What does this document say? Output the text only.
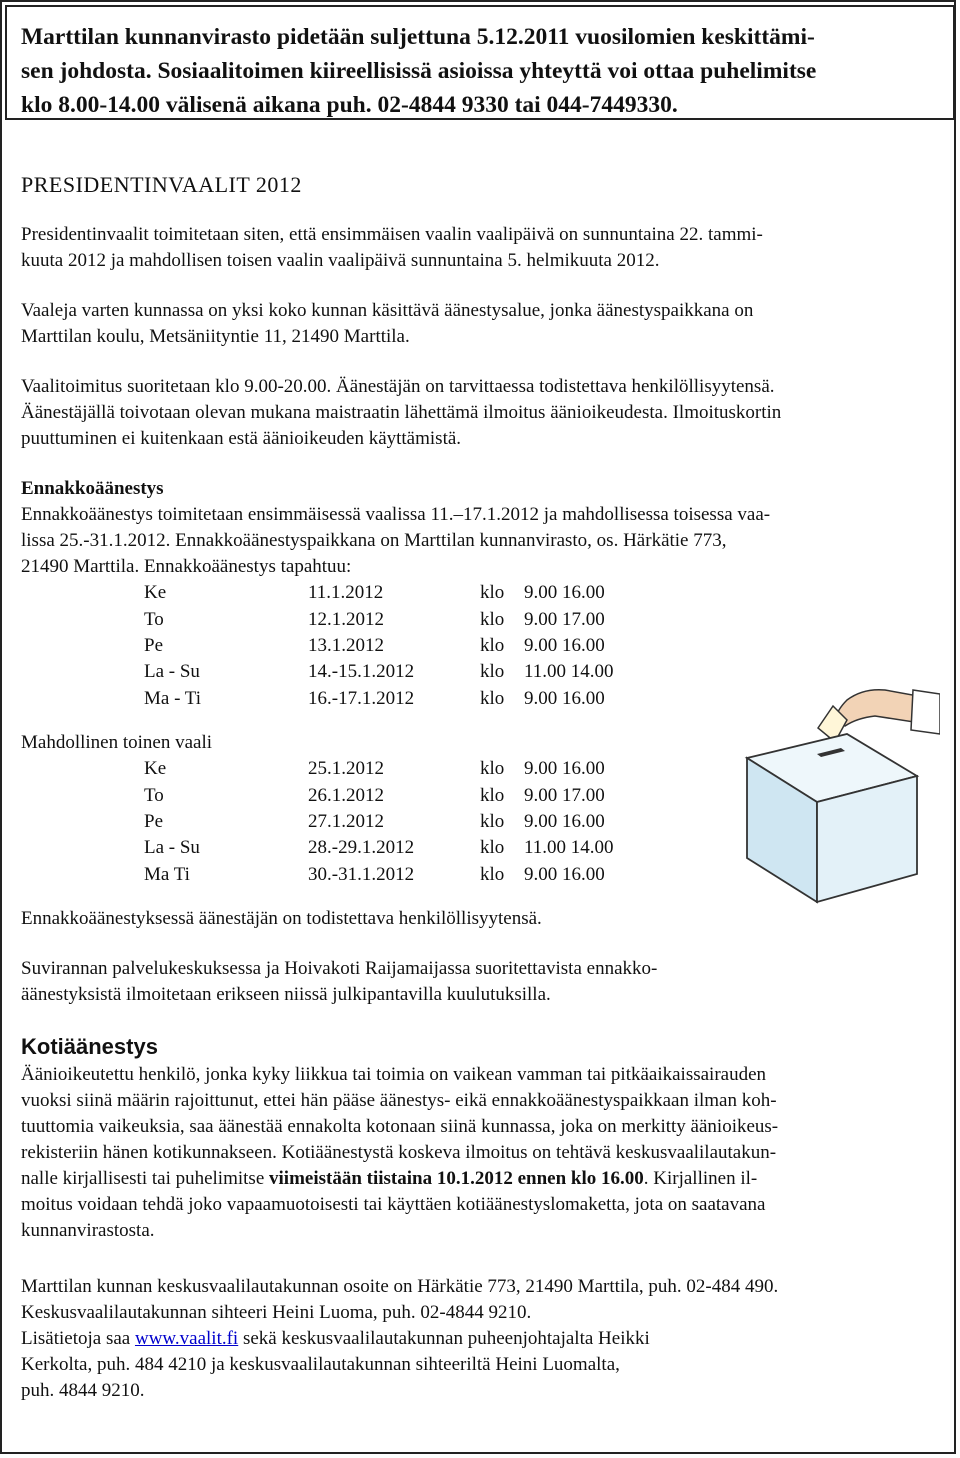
Marttilan kunnanvirasto pidetään suljettuna 5.12.2011 vuosilomien keskittämi-

sen johdosta. Sosiaalitoimen kiireellisissä asioissa yhteyttä voi ottaa puhelimitse

klo 8.00-14.00 välisenä aikana puh. 02-4844 9330 tai 044-7449330.

PRESIDENTINVAALIT 2012

Presidentinvaalit toimitetaan siten, että ensimmäisen vaalin vaalipäivä on sunnuntaina 22. tammi-

kuuta 2012 ja mahdollisen toisen vaalin vaalipäivä sunnuntaina 5. helmikuuta 2012.

Vaaleja varten kunnassa on yksi koko kunnan käsittävä äänestysalue, jonka äänestyspaikkana on

Marttilan koulu, Metsäniityntie 11, 21490 Marttila.

Vaalitoimitus suoritetaan klo 9.00-20.00. Äänestäjän on tarvittaessa todistettava henkilöllisyytensä.

Äänestäjällä toivotaan olevan mukana maistraatin lähettämä ilmoitus äänioikeudesta. Ilmoituskortin

puuttuminen ei kuitenkaan estä äänioikeuden käyttämistä.

Ennakkoäänestys

Ennakkoäänestys toimitetaan ensimmäisessä vaalissa 11.–17.1.2012 ja mahdollisessa toisessa vaa-

lissa 25.-31.1.2012. Ennakkoäänestyspaikkana on Marttilan kunnanvirasto, os. Härkätie 773,

21490 Marttila. Ennakkoäänestys tapahtuu:

Ke	11.1.2012	klo	9.00 16.00
To	12.1.2012	klo	9.00 17.00
Pe	13.1.2012	klo	9.00 16.00
La - Su	14.-15.1.2012	klo	11.00 14.00
Ma - Ti	16.-17.1.2012	klo	9.00 16.00

Mahdollinen toinen vaali

Ke	25.1.2012	klo	9.00 16.00
To	26.1.2012	klo	9.00 17.00
Pe	27.1.2012	klo	9.00 16.00
La - Su	28.-29.1.2012	klo	11.00 14.00
Ma Ti	30.-31.1.2012	klo	9.00 16.00

Ennakkoäänestyksessä äänestäjän on todistettava henkilöllisyytensä.

Suvirannan palvelukeskuksessa ja Hoivakoti Raijamaijassa suoritettavista ennakko-

äänestyksistä ilmoitetaan erikseen niissä julkipantavilla kuulutuksilla.

Kotiäänestys

Äänioikeutettu henkilö, jonka kyky liikkua tai toimia on vaikean vamman tai pitkäaikaissairauden

vuoksi siinä määrin rajoittunut, ettei hän pääse äänestys- eikä ennakkoäänestyspaikkaan ilman koh-

tuuttomia vaikeuksia, saa äänestää ennakolta kotonaan siinä kunnassa, joka on merkitty äänioikeus-

rekisteriin hänen kotikunnakseen. Kotiäänestystä koskeva ilmoitus on tehtävä keskusvaalilautakun-

nalle kirjallisesti tai puhelimitse viimeistään tiistaina 10.1.2012 ennen klo 16.00. Kirjallinen il-

moitus voidaan tehdä joko vapaamuotoisesti tai käyttäen kotiäänestyslomaketta, jota on saatavana

kunnanvirastosta.

Marttilan kunnan keskusvaalilautakunnan osoite on Härkätie 773, 21490 Marttila, puh. 02-484 490.

Keskusvaalilautakunnan sihteeri Heini Luoma, puh. 02-4844 9210.

Lisätietoja saa www.vaalit.fi sekä keskusvaalilautakunnan puheenjohtajalta Heikki

Kerkolta, puh. 484 4210 ja keskusvaalilautakunnan sihteeriltä Heini Luomalta,

puh. 4844 9210.
